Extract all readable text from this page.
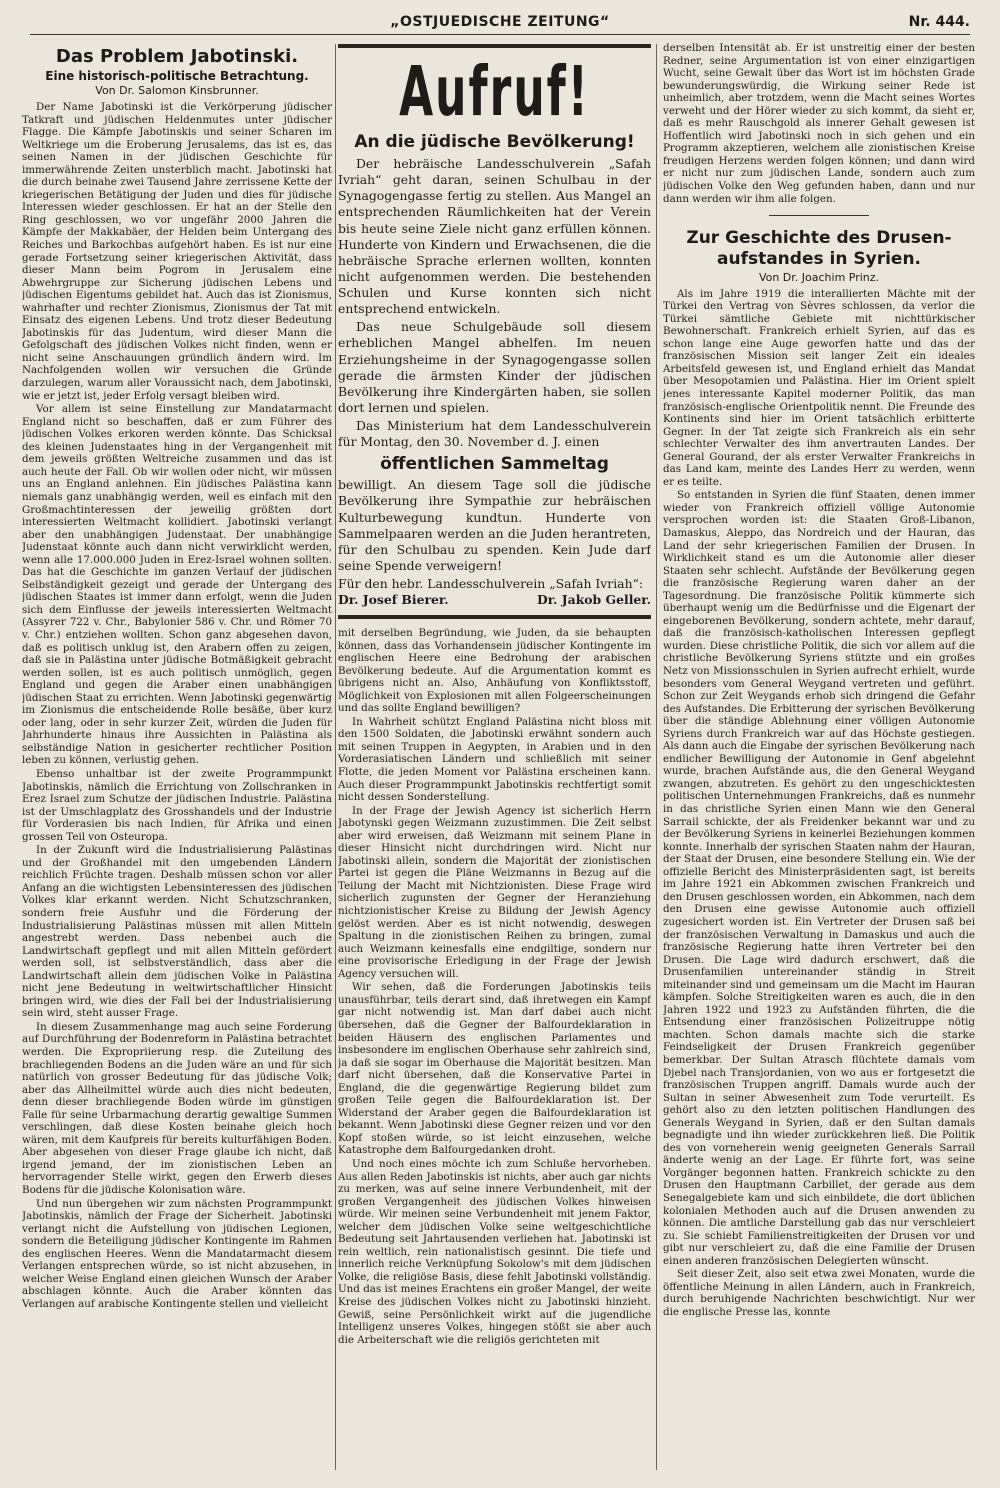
„OSTJUEDISCHE ZEITUNG“	Nr. 444.
Das Problem Jabotinski.
Eine historisch-politische Betrachtung.
Von Dr. Salomon Kinsbrunner.

Der Name Jabotinski ist die Verkörperung jüdischer Tatkraft und jüdischen Heldenmutes unter jüdischer Flagge. Die Kämpfe Jabotinskis und seiner Scharen im Weltkriege um die Eroberung Jerusalems, das ist es, das seinen Namen in der jüdischen Geschichte für immerwährende Zeiten unsterblich macht. Jabotinski hat die durch beinahe zwei Tausend Jahre zerrissene Kette der kriegerischen Betätigung der Juden und dies für jüdische Interessen wieder geschlossen. Er hat an der Stelle den Ring geschlossen, wo vor ungefähr 2000 Jahren die Kämpfe der Makkabäer, der Helden beim Untergang des Reiches und Barkochbas aufgehört haben. Es ist nur eine gerade Fortsetzung seiner kriegerischen Aktivität, dass dieser Mann beim Pogrom in Jerusalem eine Abwehrgruppe zur Sicherung jüdischen Lebens und jüdischen Eigentums gebildet hat. Auch das ist Zionismus, wahrhafter und rechter Zionismus, Zionismus der Tat mit Einsatz des eigenen Lebens. Und trotz dieser Bedeutung Jabotinskis für das Judentum, wird dieser Mann die Gefolgschaft des jüdischen Volkes nicht finden, wenn er nicht seine Anschauungen gründlich ändern wird. Im Nachfolgenden wollen wir versuchen die Gründe darzulegen, warum aller Voraussicht nach, dem Jabotinski, wie er jetzt ist, jeder Erfolg versagt bleiben wird.

Vor allem ist seine Einstellung zur Mandatarmacht England nicht so beschaffen, daß er zum Führer des jüdischen Volkes erkoren werden könnte. Das Schicksal des kleinen Judenstaates hing in der Vergangenheit mit dem jeweils größten Weltreiche zusammen und das ist auch heute der Fall. Ob wir wollen oder nicht, wir müssen uns an England anlehnen. Ein jüdisches Palästina kann niemals ganz unabhängig werden, weil es einfach mit den Großmachtinteressen der jeweilig größten dort interessierten Weltmacht kollidiert. Jabotinski verlangt aber den unabhängigen Judenstaat. Der unabhängige Judenstaat könnte auch dann nicht verwirklicht werden, wenn alle 17.000.000 Juden in Erez-Israel wohnen sollten. Das hat die Geschichte im ganzen Verlauf der jüdischen Selbständigkeit gezeigt und gerade der Untergang des jüdischen Staates ist immer dann erfolgt, wenn die Juden sich dem Einflusse der jeweils interessierten Weltmacht (Assyrer 722 v. Chr., Babylonier 586 v. Chr. und Römer 70 v. Chr.) entziehen wollten. Schon ganz abgesehen davon, daß es politisch unklug ist, den Arabern offen zu zeigen, daß sie in Palästina unter jüdische Botmäßigkeit gebracht werden sollen, ist es auch politisch unmöglich, gegen England und gegen die Araber einen unabhängigen jüdischen Staat zu errichten. Wenn Jabotinski gegenwärtig im Zionismus die entscheidende Rolle besäße, über kurz oder lang, oder in sehr kurzer Zeit, würden die Juden für Jahrhunderte hinaus ihre Aussichten in Palästina als selbständige Nation in gesicherter rechtlicher Position leben zu können, verlustig gehen.

Ebenso unhaltbar ist der zweite Programmpunkt Jabotinskis, nämlich die Errichtung von Zollschranken in Erez Israel zum Schutze der jüdischen Industrie. Palästina ist der Umschlagplatz des Grosshandels und der Industrie für Vorderasien bis nach Indien, für Afrika und einen grossen Teil von Osteuropa.

In der Zukunft wird die Industrialisierung Palästinas und der Großhandel mit den umgebenden Ländern reichlich Früchte tragen. Deshalb müssen schon vor aller Anfang an die wichtigsten Lebensinteressen des jüdischen Volkes klar erkannt werden. Nicht Schutzschranken, sondern freie Ausfuhr und die Förderung der Industrialisierung Palästinas müssen mit allen Mitteln angestrebt werden. Dass nebenbei auch die Landwirtschaft gepflegt und mit allen Mitteln gefördert werden soll, ist selbstverständlich, dass aber die Landwirtschaft allein dem jüdischen Volke in Palästina nicht jene Bedeutung in weltwirtschaftlicher Hinsicht bringen wird, wie dies der Fall bei der Industrialisierung sein wird, steht ausser Frage.

In diesem Zusammenhange mag auch seine Forderung auf Durchführung der Bodenreform in Palästina betrachtet werden. Die Expropriierung resp. die Zuteilung des brachliegenden Bodens an die Juden wäre an und für sich natürlich von grosser Bedeutung für das jüdische Volk; aber das Allheilmittel würde auch dies nicht bedeuten, denn dieser brachliegende Boden würde im günstigen Falle für seine Urbarmachung derartig gewaltige Summen verschlingen, daß diese Kosten beinahe gleich hoch wären, mit dem Kaufpreis für bereits kulturfähigen Boden. Aber abgesehen von dieser Frage glaube ich nicht, daß irgend jemand, der im zionistischen Leben an hervorragender Stelle wirkt, gegen den Erwerb dieses Bodens für die jüdische Kolonisation wäre.

Und nun übergehen wir zum nächsten Programmpunkt Jabotinskis, nämlich der Frage der Sicherheit. Jabotinski verlangt nicht die Aufstellung von jüdischen Legionen, sondern die Beteiligung jüdischer Kontingente im Rahmen des englischen Heeres. Wenn die Mandatarmacht diesem Verlangen entsprechen würde, so ist nicht abzusehen, in welcher Weise England einen gleichen Wunsch der Araber abschlagen könnte. Auch die Araber könnten das Verlangen auf arabische Kontingente stellen und vielleicht

Aufruf!
An die jüdische Bevölkerung!

Der hebräische Landesschulverein „Safah Ivriah“ geht daran, seinen Schulbau in der Synagogengasse fertig zu stellen. Aus Mangel an entsprechenden Räumlichkeiten hat der Verein bis heute seine Ziele nicht ganz erfüllen können. Hunderte von Kindern und Erwachsenen, die die hebräische Sprache erlernen wollten, konnten nicht aufgenommen werden. Die bestehenden Schulen und Kurse konnten sich nicht entsprechend entwickeln.

Das neue Schulgebäude soll diesem erheblichen Mangel abhelfen. Im neuen Erziehungsheime in der Synagogengasse sollen gerade die ärmsten Kinder der jüdischen Bevölkerung ihre Kindergärten haben, sie sollen dort lernen und spielen.

Das Ministerium hat dem Landesschulverein für Montag, den 30. November d. J. einen

öffentlichen Sammeltag

bewilligt. An diesem Tage soll die jüdische Bevölkerung ihre Sympathie zur hebräischen Kulturbewegung kundtun. Hunderte von Sammelpaaren werden an die Juden herantreten, für den Schulbau zu spenden. Kein Jude darf seine Spende verweigern!

Für den hebr. Landesschulverein „Safah Ivriah“:
Dr. Josef Bierer.	Dr. Jakob Geller.

mit derselben Begründung, wie Juden, da sie behaupten können, dass das Vorhandensein jüdischer Kontingente im englischen Heere eine Bedrohung der arabischen Bevölkerung bedeute. Auf die Argumentation kommt es übrigens nicht an. Also, Anhäufung von Konfliktsstoff, Möglichkeit von Explosionen mit allen Folgeerscheinungen und das sollte England bewilligen?

In Wahrheit schützt England Palästina nicht bloss mit den 1500 Soldaten, die Jabotinski erwähnt sondern auch mit seinen Truppen in Aegypten, in Arabien und in den Vorderasiatischen Ländern und schließlich mit seiner Flotte, die jeden Moment vor Palästina erscheinen kann. Auch dieser Programmpunkt Jabotinskis rechtfertigt somit nicht dessen Sonderstellung.

In der Frage der Jewish Agency ist sicherlich Herrn Jabotynski gegen Weizmann zuzustimmen. Die Zeit selbst aber wird erweisen, daß Weizmann mit seinem Plane in dieser Hinsicht nicht durchdringen wird. Nicht nur Jabotinski allein, sondern die Majorität der zionistischen Partei ist gegen die Pläne Weizmanns in Bezug auf die Teilung der Macht mit Nichtzionisten. Diese Frage wird sicherlich zugunsten der Gegner der Heranziehung nichtzionistischer Kreise zu Bildung der Jewish Agency gelöst werden. Aber es ist nicht notwendig, deswegen Spaltung in die zionistischen Reihen zu bringen, zumal auch Weizmann keinesfalls eine endgiltige, sondern nur eine provisorische Erledigung in der Frage der Jewish Agency versuchen will.

Wir sehen, daß die Forderungen Jabotinskis teils unausführbar, teils derart sind, daß ihretwegen ein Kampf gar nicht notwendig ist. Man darf dabei auch nicht übersehen, daß die Gegner der Balfourdeklaration in beiden Häusern des englischen Parlamentes und insbesondere im englischen Oberhause sehr zahlreich sind, ja daß sie sogar im Oberhause die Majorität besitzen. Man darf nicht übersehen, daß die Konservative Partei in England, die die gegenwärtige Regierung bildet zum großen Teile gegen die Balfourdeklaration ist. Der Widerstand der Araber gegen die Balfourdeklaration ist bekannt. Wenn Jabotinski diese Gegner reizen und vor den Kopf stoßen würde, so ist leicht einzusehen, welche Katastrophe dem Balfourgedanken droht.

Und noch eines möchte ich zum Schluße hervorheben. Aus allen Reden Jabotinskis ist nichts, aber auch gar nichts zu merken, was auf seine innere Verbundenheit, mit der großen Vergangenheit des jüdischen Volkes hinweisen würde. Wir meinen seine Verbundenheit mit jenem Faktor, welcher dem jüdischen Volke seine weltgeschichtliche Bedeutung seit Jahrtausenden verliehen hat. Jabotinski ist rein weltlich, rein nationalistisch gesinnt. Die tiefe und innerlich reiche Verknüpfung Sokolow's mit dem jüdischen Volke, die religiöse Basis, diese fehlt Jabotinski vollständig. Und das ist meines Erachtens ein großer Mangel, der weite Kreise des jüdischen Volkes nicht zu Jabotinski hinzieht. Gewiß, seine Persönlichkeit wirkt auf die jugendliche Intelligenz unseres Volkes, hingegen stößt sie aber auch die Arbeiterschaft wie die religiös gerichteten mit

derselben Intensität ab. Er ist unstreitig einer der besten Redner, seine Argumentation ist von einer einzigartigen Wucht, seine Gewalt über das Wort ist im höchsten Grade bewunderungswürdig, die Wirkung seiner Rede ist unheimlich, aber trotzdem, wenn die Macht seines Wortes verweht und der Hörer wieder zu sich kommt, da sieht er, daß es mehr Rauschgold als innerer Gehalt gewesen ist Hoffentlich wird Jabotinski noch in sich gehen und ein Programm akzeptieren, welchem alle zionistischen Kreise freudigen Herzens werden folgen können; und dann wird er nicht nur zum jüdischen Lande, sondern auch zum jüdischen Volke den Weg gefunden haben, dann und nur dann werden wir ihm alle folgen.

Zur Geschichte des Drusen-
aufstandes in Syrien.
Von Dr. Joachim Prinz.

Als im Jahre 1919 die interallierten Mächte mit der Türkei den Vertrag von Sèvres schlossen, da verlor die Türkei sämtliche Gebiete mit nichttürkischer Bewohnerschaft. Frankreich erhielt Syrien, auf das es schon lange eine Auge geworfen hatte und das der französischen Mission seit langer Zeit ein ideales Arbeitsfeld gewesen ist, und England erhielt das Mandat über Mesopotamien und Palästina. Hier im Orient spielt jenes interessante Kapitel moderner Politik, das man französisch-englische Orientpolitik nennt. Die Freunde des Kontinents sind hier im Orient tatsächlich erbitterte Gegner. In der Tat zeigte sich Frankreich als ein sehr schlechter Verwalter des ihm anvertrauten Landes. Der General Gourand, der als erster Verwalter Frankreichs in das Land kam, meinte des Landes Herr zu werden, wenn er es teilte.

So entstanden in Syrien die fünf Staaten, denen immer wieder von Frankreich offiziell völlige Autonomie versprochen worden ist: die Staaten Groß-Libanon, Damaskus, Aleppo, das Nordreich und der Hauran, das Land der sehr kriegerischen Familien der Drusen. In Wirklichkeit stand es um die Autonomie aller dieser Staaten sehr schlecht. Aufstände der Bevölkerung gegen die französische Regierung waren daher an der Tagesordnung. Die französische Politik kümmerte sich überhaupt wenig um die Bedürfnisse und die Eigenart der eingeborenen Bevölkerung, sondern achtete, mehr darauf, daß die französisch-katholischen Interessen gepflegt wurden. Diese christliche Politik, die sich vor allem auf die christliche Bevölkerung Syriens stützte und ein großes Netz von Missionsschulen in Syrien aufrecht erhielt, wurde besonders vom General Weygand vertreten und geführt. Schon zur Zeit Weygands erhob sich dringend die Gefahr des Aufstandes. Die Erbitterung der syrischen Bevölkerung über die ständige Ablehnung einer völligen Autonomie Syriens durch Frankreich war auf das Höchste gestiegen. Als dann auch die Eingabe der syrischen Bevölkerung nach endlicher Bewilligung der Autonomie in Genf abgelehnt wurde, brachen Aufstände aus, die den General Weygand zwangen, abzutreten. Es gehört zu den ungeschicktesten politischen Unternehmungen Frankreichs, daß es nunmehr in das christliche Syrien einen Mann wie den General Sarrail schickte, der als Freidenker bekannt war und zu der Bevölkerung Syriens in keinerlei Beziehungen kommen konnte. Innerhalb der syrischen Staaten nahm der Hauran, der Staat der Drusen, eine besondere Stellung ein. Wie der offizielle Bericht des Ministerpräsidenten sagt, ist bereits im Jahre 1921 ein Abkommen zwischen Frankreich und den Drusen geschlossen worden, ein Abkommen, nach dem den Drusen eine gewisse Autonomie auch offiziell zugesichert worden ist. Ein Vertreter der Drusen saß bei der französischen Verwaltung in Damaskus und auch die französische Regierung hatte ihren Vertreter bei den Drusen. Die Lage wird dadurch erschwert, daß die Drusenfamilien untereinander ständig in Streit miteinander sind und gemeinsam um die Macht im Hauran kämpfen. Solche Streitigkeiten waren es auch, die in den Jahren 1922 und 1923 zu Aufständen führten, die die Entsendung einer französischen Polizeitruppe nötig machten. Schon damals machte sich die starke Feindseligkeit der Drusen Frankreich gegenüber bemerkbar. Der Sultan Atrasch flüchtete damals vom Djebel nach Transjordanien, von wo aus er fortgesetzt die französischen Truppen angriff. Damals wurde auch der Sultan in seiner Abwesenheit zum Tode verurteilt. Es gehört also zu den letzten politischen Handlungen des Generals Weygand in Syrien, daß er den Sultan damals begnadigte und ihn wieder zurückkehren ließ. Die Politik des von vorneherein wenig geeigneten Generals Sarrail änderte wenig an der Lage. Er führte fort, was seine Vorgänger begonnen hatten. Frankreich schickte zu den Drusen den Hauptmann Carbillet, der gerade aus dem Senegalgebiete kam und sich einbildete, die dort üblichen kolonialen Methoden auch auf die Drusen anwenden zu können. Die amtliche Darstellung gab das nur verschleiert zu. Sie schiebt Familienstreitigkeiten der Drusen vor und gibt nur verschleiert zu, daß die eine Familie der Drusen einen anderen französischen Delegierten wünscht.

Seit dieser Zeit, also seit etwa zwei Monaten, wurde die öffentliche Meinung in allen Ländern, auch in Frankreich, durch beruhigende Nachrichten beschwichtigt. Nur wer die englische Presse las, konnte
